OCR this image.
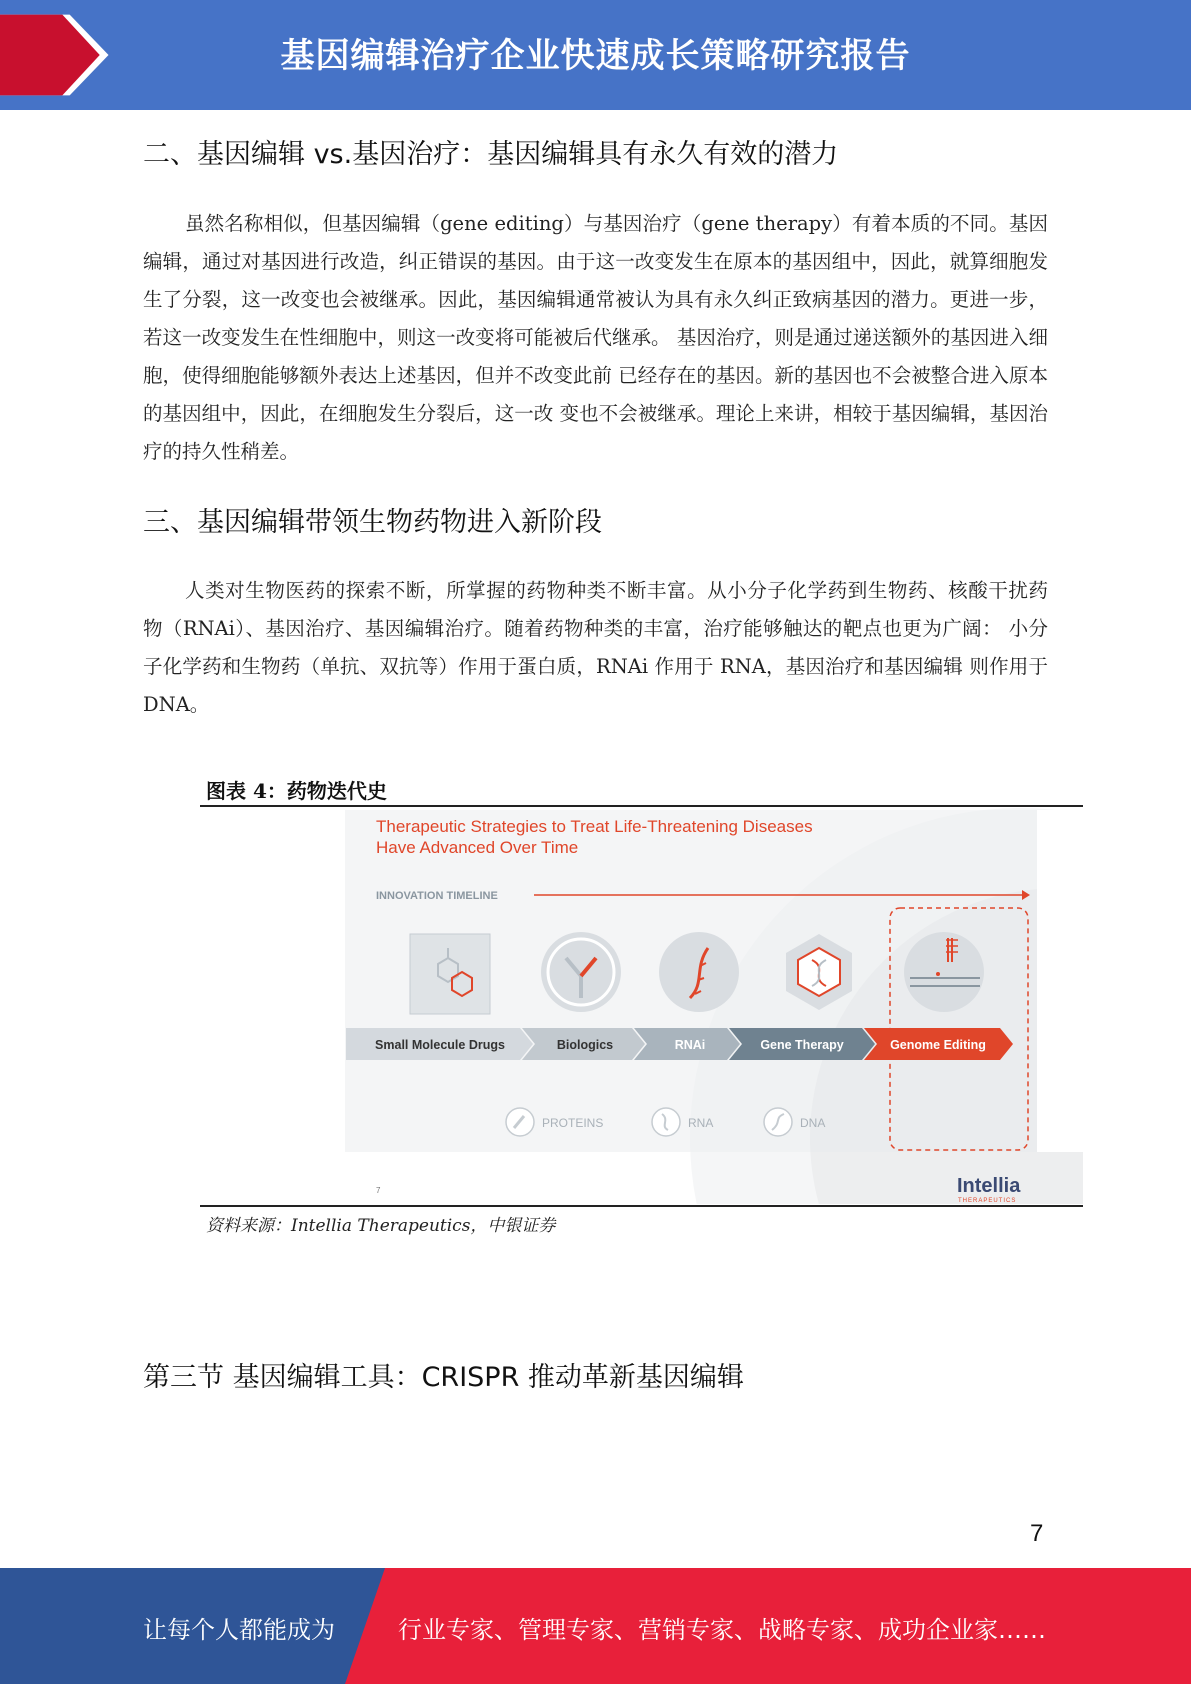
基因编辑治疗企业快速成长策略研究报告
二、基因编辑 vs.基因治疗：基因编辑具有永久有效的潜力
虽然名称相似，但基因编辑（gene editing）与基因治疗（gene therapy）有着本质的不同。基因编辑，通过对基因进行改造，纠正错误的基因。由于这一改变发生在原本的基因组中，因此，就算细胞发生了分裂，这一改变也会被继承。因此，基因编辑通常被认为具有永久纠正致病基因的潜力。更进一步，若这一改变发生在性细胞中，则这一改变将可能被后代继承。 基因治疗，则是通过递送额外的基因进入细胞，使得细胞能够额外表达上述基因，但并不改变此前 已经存在的基因。新的基因也不会被整合进入原本的基因组中，因此，在细胞发生分裂后，这一改 变也不会被继承。理论上来讲，相较于基因编辑，基因治疗的持久性稍差。
三、基因编辑带领生物药物进入新阶段
人类对生物医药的探索不断，所掌握的药物种类不断丰富。从小分子化学药到生物药、核酸干扰药 物（RNAi）、基因治疗、基因编辑治疗。随着药物种类的丰富，治疗能够触达的靶点也更为广阔： 小分子化学药和生物药（单抗、双抗等）作用于蛋白质，RNAi 作用于 RNA，基因治疗和基因编辑 则作用于 DNA。
图表 4：药物迭代史
Therapeutic Strategies to Treat Life-Threatening Diseases
Have Advanced Over Time
INNOVATION TIMELINE
Small Molecule Drugs	Biologics	RNAi	Gene Therapy	Genome Editing
PROTEINS	RNA	DNA
7	Intellia
THERAPEUTICS
资料来源：Intellia Therapeutics，中银证券
第三节 基因编辑工具：CRISPR 推动革新基因编辑
7
让每个人都能成为	行业专家、管理专家、营销专家、战略专家、成功企业家……
